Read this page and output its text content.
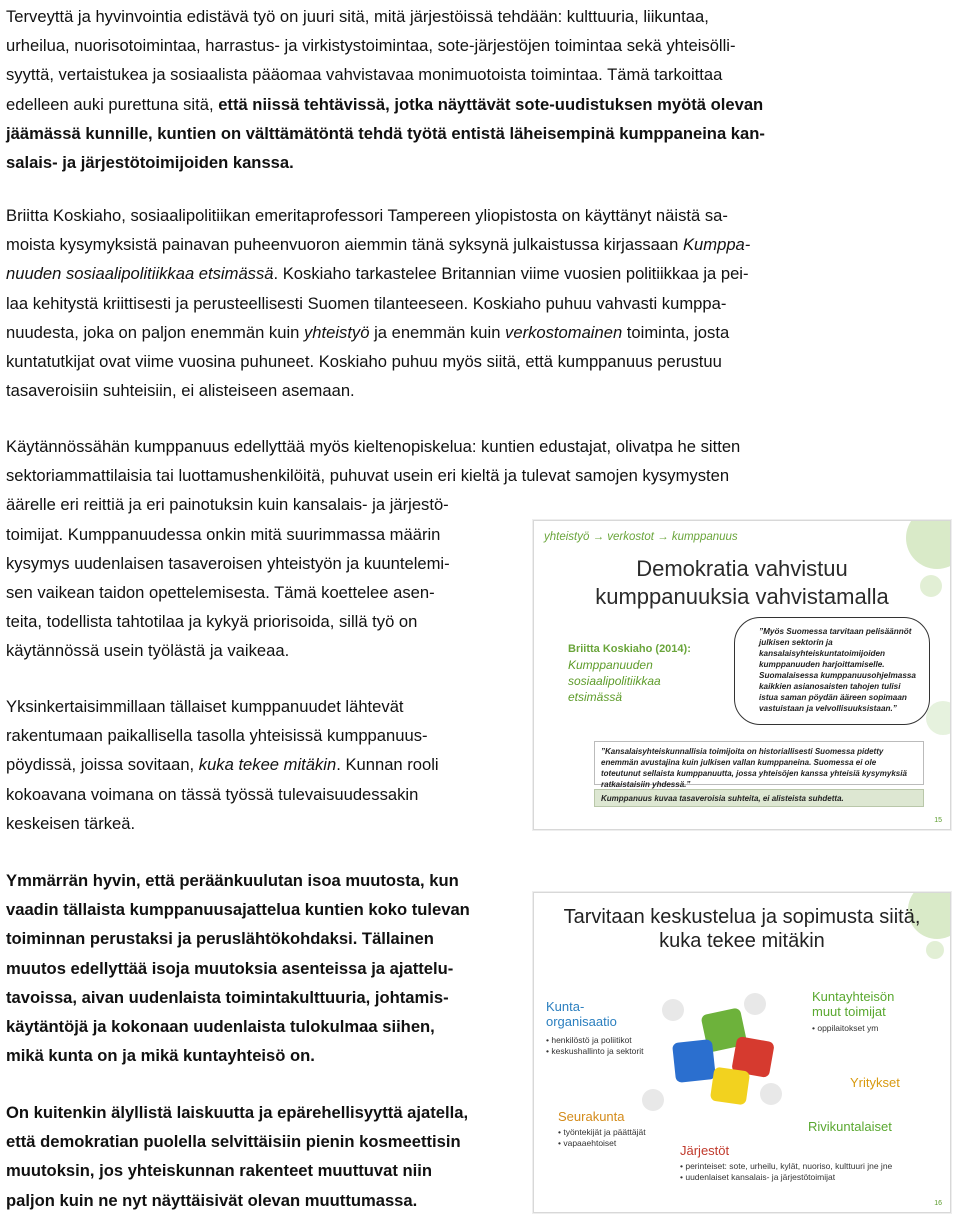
Terveyttä ja hyvinvointia edistävä työ on juuri sitä, mitä järjestöissä tehdään: kulttuuria, liikuntaa,
urheilua, nuorisotoimintaa, harrastus- ja virkistystoimintaa, sote-järjestöjen toimintaa sekä yhteisölli-
syyttä, vertaistukea ja sosiaalista pääomaa vahvistavaa monimuotoista toimintaa. Tämä tarkoittaa
edelleen auki purettuna sitä, että niissä tehtävissä, jotka näyttävät sote-uudistuksen myötä olevan
jäämässä kunnille, kuntien on välttämätöntä tehdä työtä entistä läheisempinä kumppaneina kan-
salais- ja järjestötoimijoiden kanssa.
Briitta Koskiaho, sosiaalipolitiikan emeritaprofessori Tampereen yliopistosta on käyttänyt näistä sa-
moista kysymyksistä painavan puheenvuoron aiemmin tänä syksynä julkaistussa kirjassaan Kumppa-
nuuden sosiaalipolitiikkaa etsimässä. Koskiaho tarkastelee Britannian viime vuosien politiikkaa ja pei-
laa kehitystä kriittisesti ja perusteellisesti Suomen tilanteeseen. Koskiaho puhuu vahvasti kumppa-
nuudesta, joka on paljon enemmän kuin yhteistyö ja enemmän kuin verkostomainen toiminta, josta
kuntatutkijat ovat viime vuosina puhuneet. Koskiaho puhuu myös siitä, että kumppanuus perustuu
tasaveroisiin suhteisiin, ei alisteiseen asemaan.
Käytännössähän kumppanuus edellyttää myös kieltenopiskelua: kuntien edustajat, olivatpa he sitten
sektoriammattilaisia tai luottamushenkilöitä, puhuvat usein eri kieltä ja tulevat samojen kysymysten
äärelle eri reittiä ja eri painotuksin kuin kansalais- ja järjestö-
toimijat. Kumppanuudessa onkin mitä suurimmassa määrin
kysymys uudenlaisen tasaveroisen yhteistyön ja kuuntelemi-
sen vaikean taidon opettelemisesta. Tämä koettelee asen-
teita, todellista tahtotilaa ja kykyä priorisoida, sillä työ on
käytännössä usein työlästä ja vaikeaa.
Yksinkertaisimmillaan tällaiset kumppanuudet lähtevät
rakentumaan paikallisella tasolla yhteisissä kumppanuus-
pöydissä, joissa sovitaan, kuka tekee mitäkin. Kunnan rooli
kokoavana voimana on tässä työssä tulevaisuudessakin
keskeisen tärkeä.
Ymmärrän hyvin, että peräänkuulutan isoa muutosta, kun
vaadin tällaista kumppanuusajattelua kuntien koko tulevan
toiminnan perustaksi ja peruslähtökohdaksi. Tällainen
muutos edellyttää isoja muutoksia asenteissa ja ajattelu-
tavoissa, aivan uudenlaista toimintakulttuuria, johtamis-
käytäntöjä ja kokonaan uudenlaista tulokulmaa siihen,
mikä kunta on ja mikä kuntayhteisö on.
On kuitenkin älyllistä laiskuutta ja epärehellisyyttä ajatella,
että demokratian puolella selvittäisiin pienin kosmeettisin
muutoksin, jos yhteiskunnan rakenteet muuttuvat niin
paljon kuin ne nyt näyttäisivät olevan muuttumassa.
yhteistyö → verkostot → kumppanuus
Demokratia vahvistuu
kumppanuuksia vahvistamalla
Briitta Koskiaho (2014):
Kumppanuuden
sosiaalipolitiikkaa
etsimässä
”Myös Suomessa tarvitaan pelisäännöt julkisen sektorin ja kansalaisyhteiskuntatoimijoiden kumppanuuden harjoittamiselle. Suomalaisessa kumppanuusohjelmassa kaikkien asianosaisten tahojen tulisi istua saman pöydän ääreen sopimaan vastuistaan ja velvollisuuksistaan.”
”Kansalaisyhteiskunnallisia toimijoita on historiallisesti Suomessa pidetty enemmän avustajina kuin julkisen vallan kumppaneina. Suomessa ei ole toteutunut sellaista kumppanuutta, jossa yhteisöjen kanssa yhteisiä kysymyksiä ratkaistaisiin yhdessä.”
Kumppanuus kuvaa tasaveroisia suhteita, ei alisteista suhdetta.
15
Tarvitaan keskustelua ja sopimusta siitä,
kuka tekee mitäkin
Kunta-
organisaatio
• henkilöstö ja poliitikot
• keskushallinto ja sektorit
Kuntayhteisön
muut toimijat
• oppilaitokset ym
Yritykset
Seurakunta
• työntekijät ja päättäjät
• vapaaehtoiset
Rivikuntalaiset
Järjestöt
• perinteiset: sote, urheilu, kylät, nuoriso, kulttuuri jne jne
• uudenlaiset kansalais- ja järjestötoimijat
16
